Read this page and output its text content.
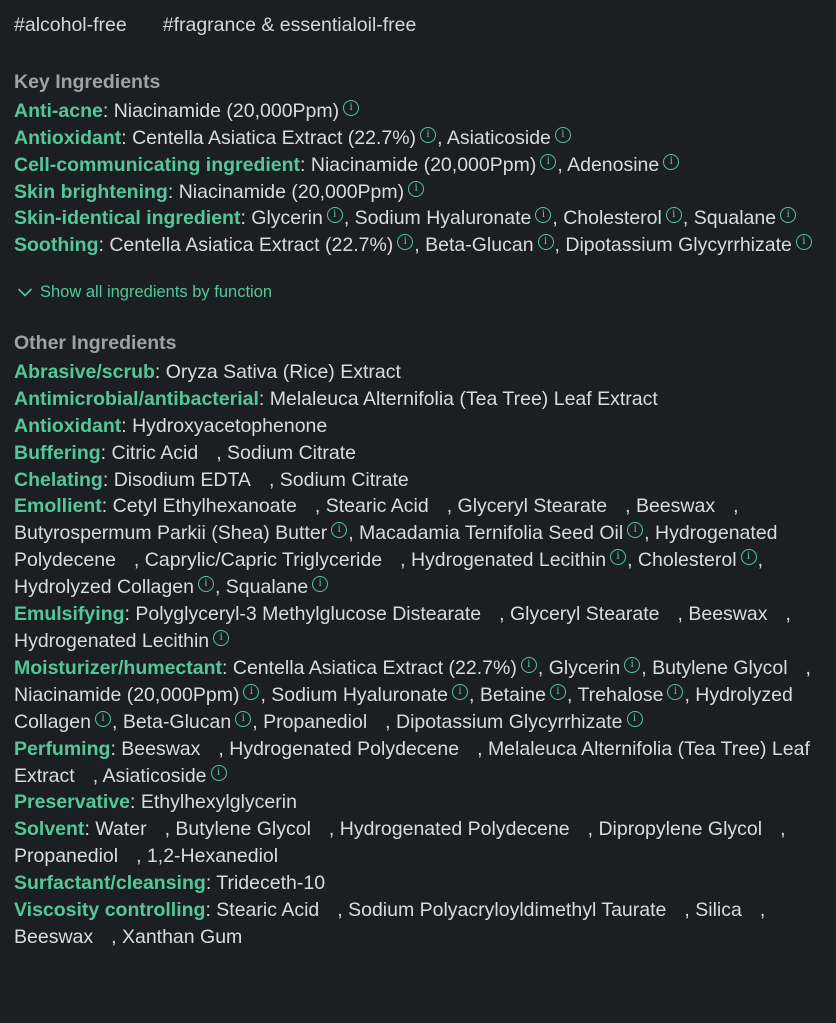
#alcohol-free #fragrance & essentialoil-free
Key Ingredients
Anti-acne: Niacinamide (20,000Ppm)i
Antioxidant: Centella Asiatica Extract (22.7%) i , Asiaticosidei
Cell-communicating ingredient: Niacinamide (20,000Ppm) i , Adenosinei
Skin brightening: Niacinamide (20,000Ppm)i
Skin-identical ingredient: Glycerin i , Sodium Hyaluronate i , Cholesterol i , Squalanei
Soothing: Centella Asiatica Extract (22.7%) i , Beta-Glucan i , Dipotassium Glycyrrhizatei
Show all ingredients by function
Other Ingredients
Abrasive/scrub: Oryza Sativa (Rice) Extract
Antimicrobial/antibacterial: Melaleuca Alternifolia (Tea Tree) Leaf Extract
Antioxidant: Hydroxyacetophenone
Buffering: Citric Acid , Sodium Citrate
Chelating: Disodium EDTA , Sodium Citrate
Emollient: Cetyl Ethylhexanoate , Stearic Acid , Glyceryl Stearate , Beeswax , Butyrospermum Parkii (Shea) Butter i , Macadamia Ternifolia Seed Oil i , Hydrogenated Polydecene , Caprylic/Capric Triglyceride , Hydrogenated Lecithin i , Cholesterol i , Hydrolyzed Collagen i , Squalanei
Emulsifying: Polyglyceryl-3 Methylglucose Distearate , Glyceryl Stearate , Beeswax , Hydrogenated Lecithini
Moisturizer/humectant: Centella Asiatica Extract (22.7%) i , Glycerin i , Butylene Glycol , Niacinamide (20,000Ppm) i , Sodium Hyaluronate i , Betaine i , Trehalose i , Hydrolyzed Collagen i , Beta-Glucan i , Propanediol , Dipotassium Glycyrrhizatei
Perfuming: Beeswax , Hydrogenated Polydecene , Melaleuca Alternifolia (Tea Tree) Leaf Extract , Asiaticosidei
Preservative: Ethylhexylglycerin
Solvent: Water , Butylene Glycol , Hydrogenated Polydecene , Dipropylene Glycol , Propanediol , 1,2-Hexanediol
Surfactant/cleansing: Trideceth-10
Viscosity controlling: Stearic Acid , Sodium Polyacryloyldimethyl Taurate , Silica , Beeswax , Xanthan Gum
